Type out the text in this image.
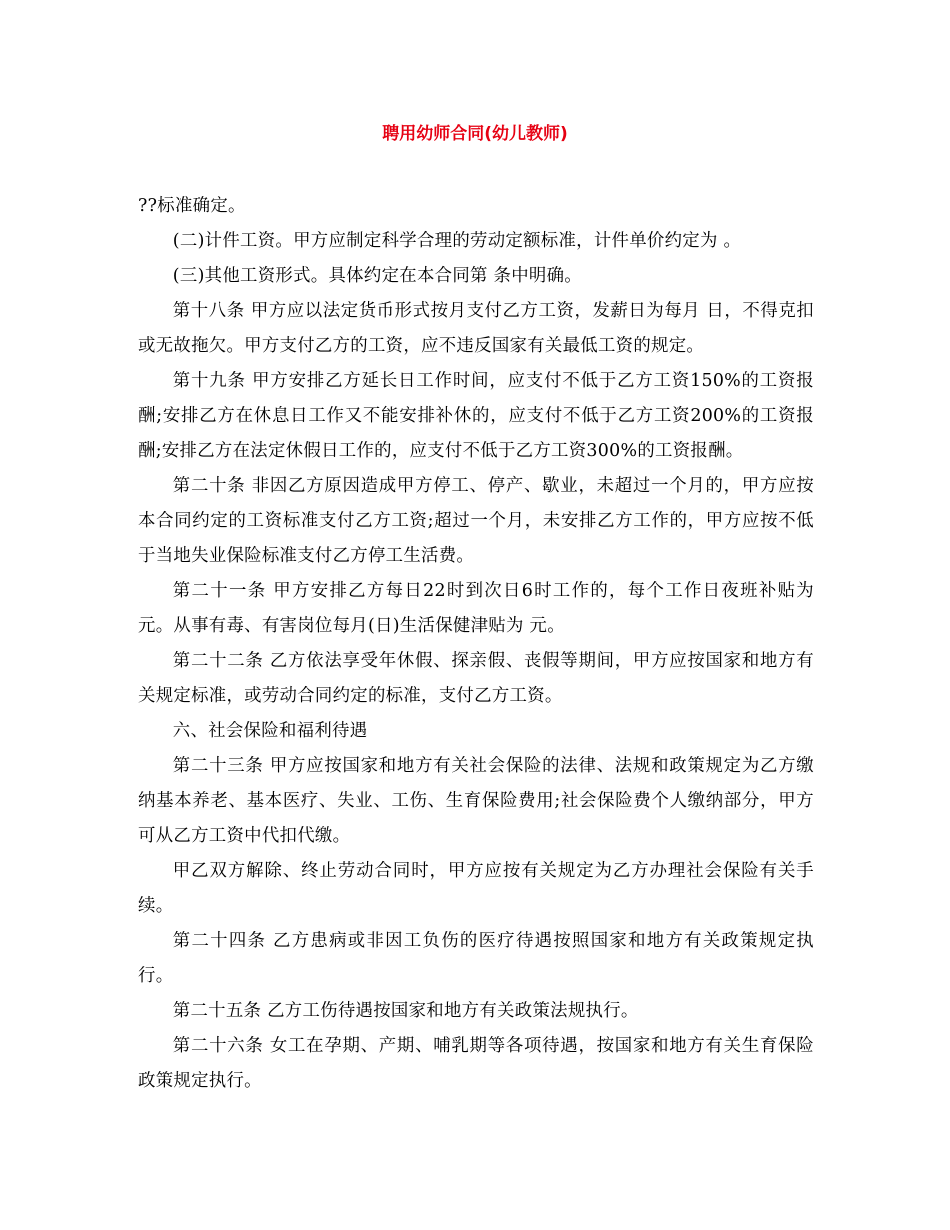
聘用幼师合同(幼儿教师)

??标准确定。

(二)计件工资。甲方应制定科学合理的劳动定额标准，计件单价约定为 。

(三)其他工资形式。具体约定在本合同第 条中明确。

第十八条 甲方应以法定货币形式按月支付乙方工资，发薪日为每月 日，不得克扣或无故拖欠。甲方支付乙方的工资，应不违反国家有关最低工资的规定。

第十九条 甲方安排乙方延长日工作时间，应支付不低于乙方工资150%的工资报酬;安排乙方在休息日工作又不能安排补休的，应支付不低于乙方工资200%的工资报酬;安排乙方在法定休假日工作的，应支付不低于乙方工资300%的工资报酬。

第二十条 非因乙方原因造成甲方停工、停产、歇业，未超过一个月的，甲方应按本合同约定的工资标准支付乙方工资;超过一个月，未安排乙方工作的，甲方应按不低于当地失业保险标准支付乙方停工生活费。

第二十一条 甲方安排乙方每日22时到次日6时工作的，每个工作日夜班补贴为 元。从事有毒、有害岗位每月(日)生活保健津贴为 元。

第二十二条 乙方依法享受年休假、探亲假、丧假等期间，甲方应按国家和地方有关规定标准，或劳动合同约定的标准，支付乙方工资。

六、社会保险和福利待遇

第二十三条 甲方应按国家和地方有关社会保险的法律、法规和政策规定为乙方缴纳基本养老、基本医疗、失业、工伤、生育保险费用;社会保险费个人缴纳部分，甲方可从乙方工资中代扣代缴。

甲乙双方解除、终止劳动合同时，甲方应按有关规定为乙方办理社会保险有关手续。

第二十四条 乙方患病或非因工负伤的医疗待遇按照国家和地方有关政策规定执行。

第二十五条 乙方工伤待遇按国家和地方有关政策法规执行。

第二十六条 女工在孕期、产期、哺乳期等各项待遇，按国家和地方有关生育保险政策规定执行。
